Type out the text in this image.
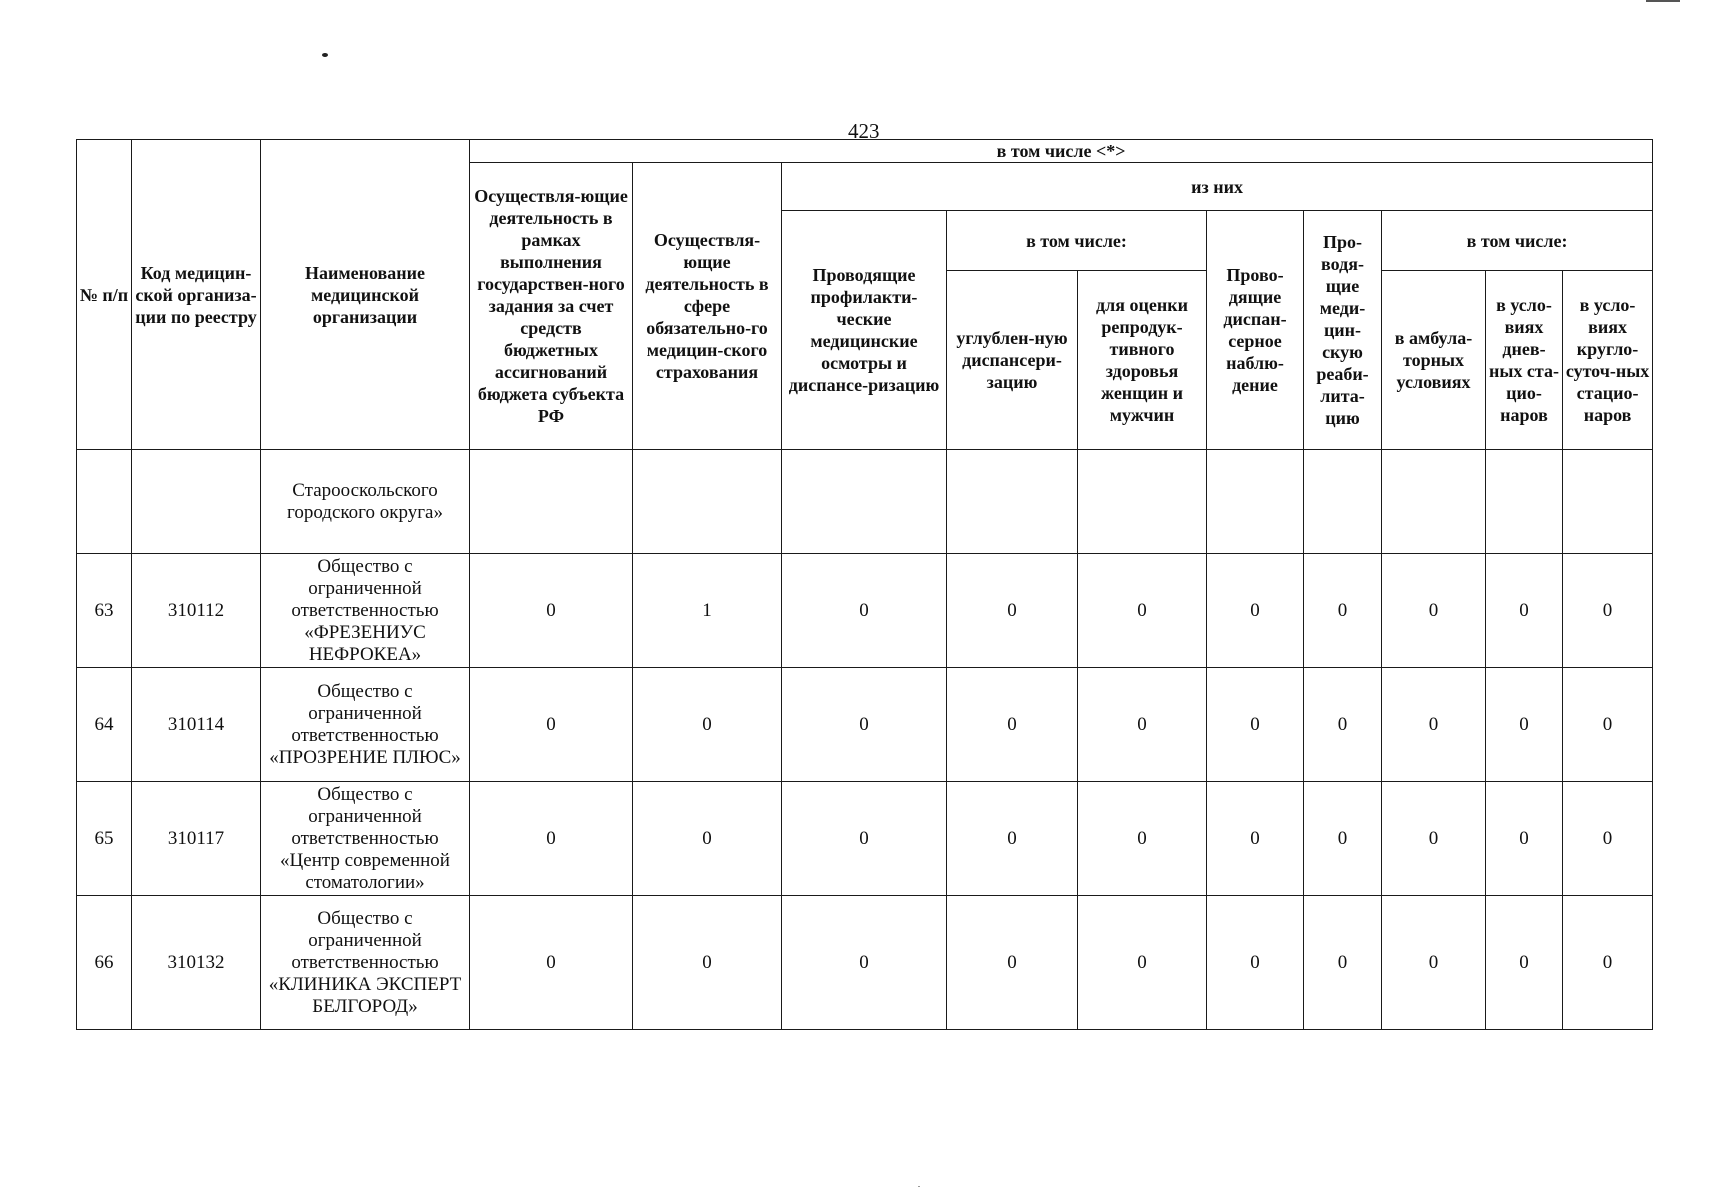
423
№ п/п	Код медицин-ской организа-ции по реестру	Наименование медицинской организации	в том числе <*>									
			Осуществля-ющие деятельность в рамках выполнения государствен-ного задания за счет средств бюджетных ассигнований бюджета субъекта РФ	Осуществля-ющие деятельность в сфере обязательно-го медицин-ского страхования	из них							
					Проводящие профилакти-ческие медицинские осмотры и диспансе-ризацию	в том числе:		Прово-дящие диспан-серное наблю-дение	Про-водя-щие меди-цин-скую реаби-лита-цию	в том числе:		
						углублен-ную диспансери-зацию	для оценки репродук-тивного здоровья женщин и мужчин			в амбула-торных условиях	в усло-виях днев-ных ста-цио-наров	в усло-виях кругло-суточ-ных стацио-наров
		Старооскольского городского округа»										
63	310112	Общество с ограниченной ответственностью «ФРЕЗЕНИУС НЕФРОКЕА»	0	1	0	0	0	0	0	0	0	0
64	310114	Общество с ограниченной ответственностью «ПРОЗРЕНИЕ ПЛЮС»	0	0	0	0	0	0	0	0	0	0
65	310117	Общество с ограниченной ответственностью «Центр современной стоматологии»	0	0	0	0	0	0	0	0	0	0
66	310132	Общество с ограниченной ответственностью «КЛИНИКА ЭКСПЕРТ БЕЛГОРОД»	0	0	0	0	0	0	0	0	0	0
